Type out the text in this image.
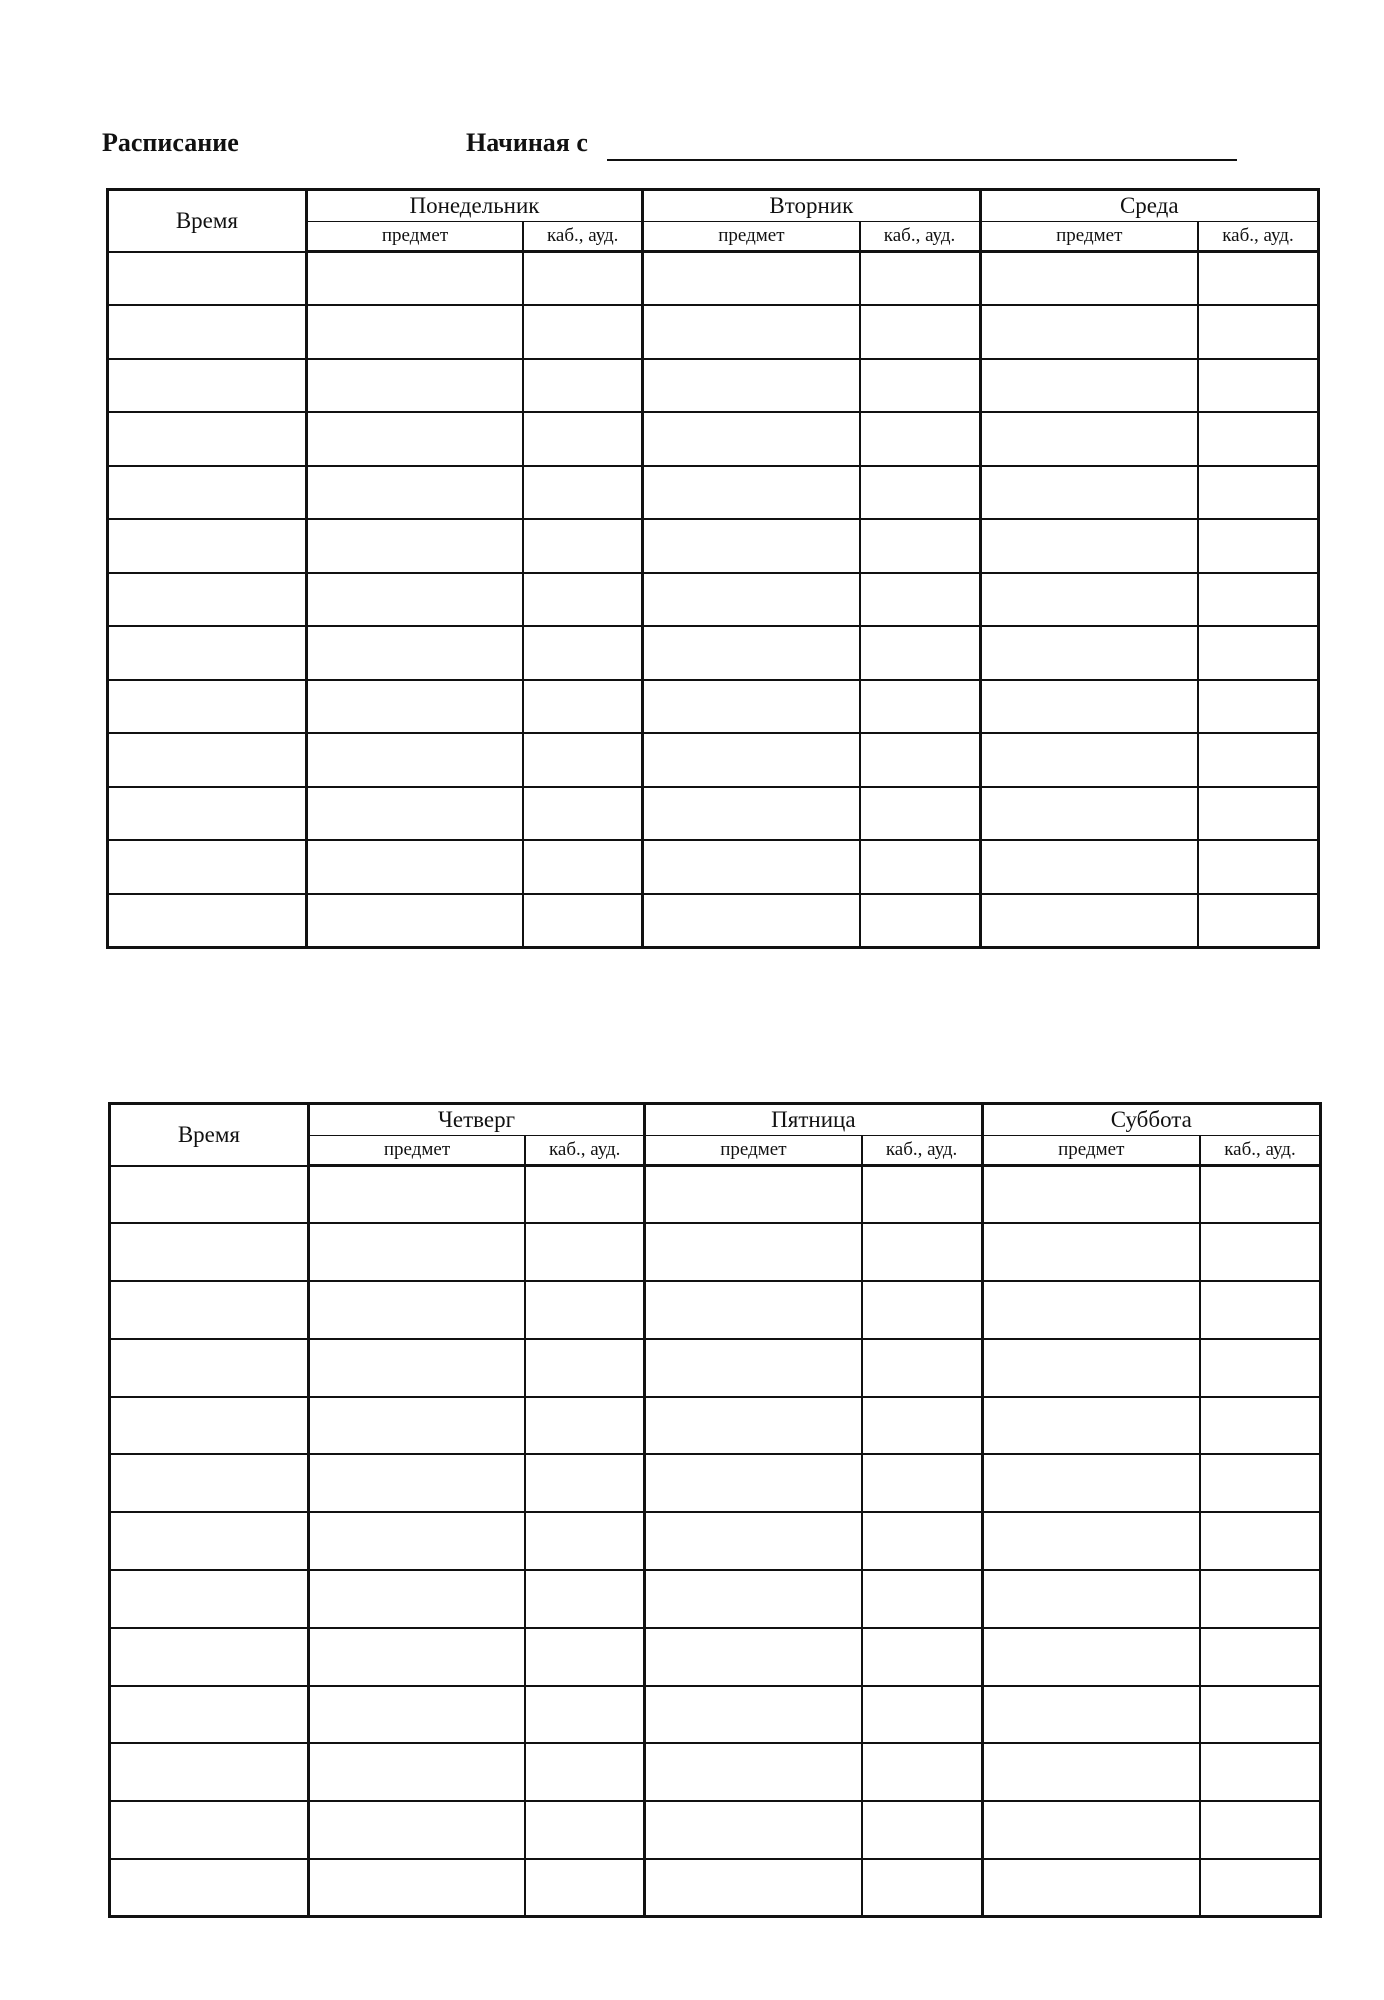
Расписание	Начиная с
Время	Понедельник		Вторник		Среда	
	предмет	каб., ауд.	предмет	каб., ауд.	предмет	каб., ауд.

Время	Четверг		Пятница		Суббота	
	предмет	каб., ауд.	предмет	каб., ауд.	предмет	каб., ауд.
